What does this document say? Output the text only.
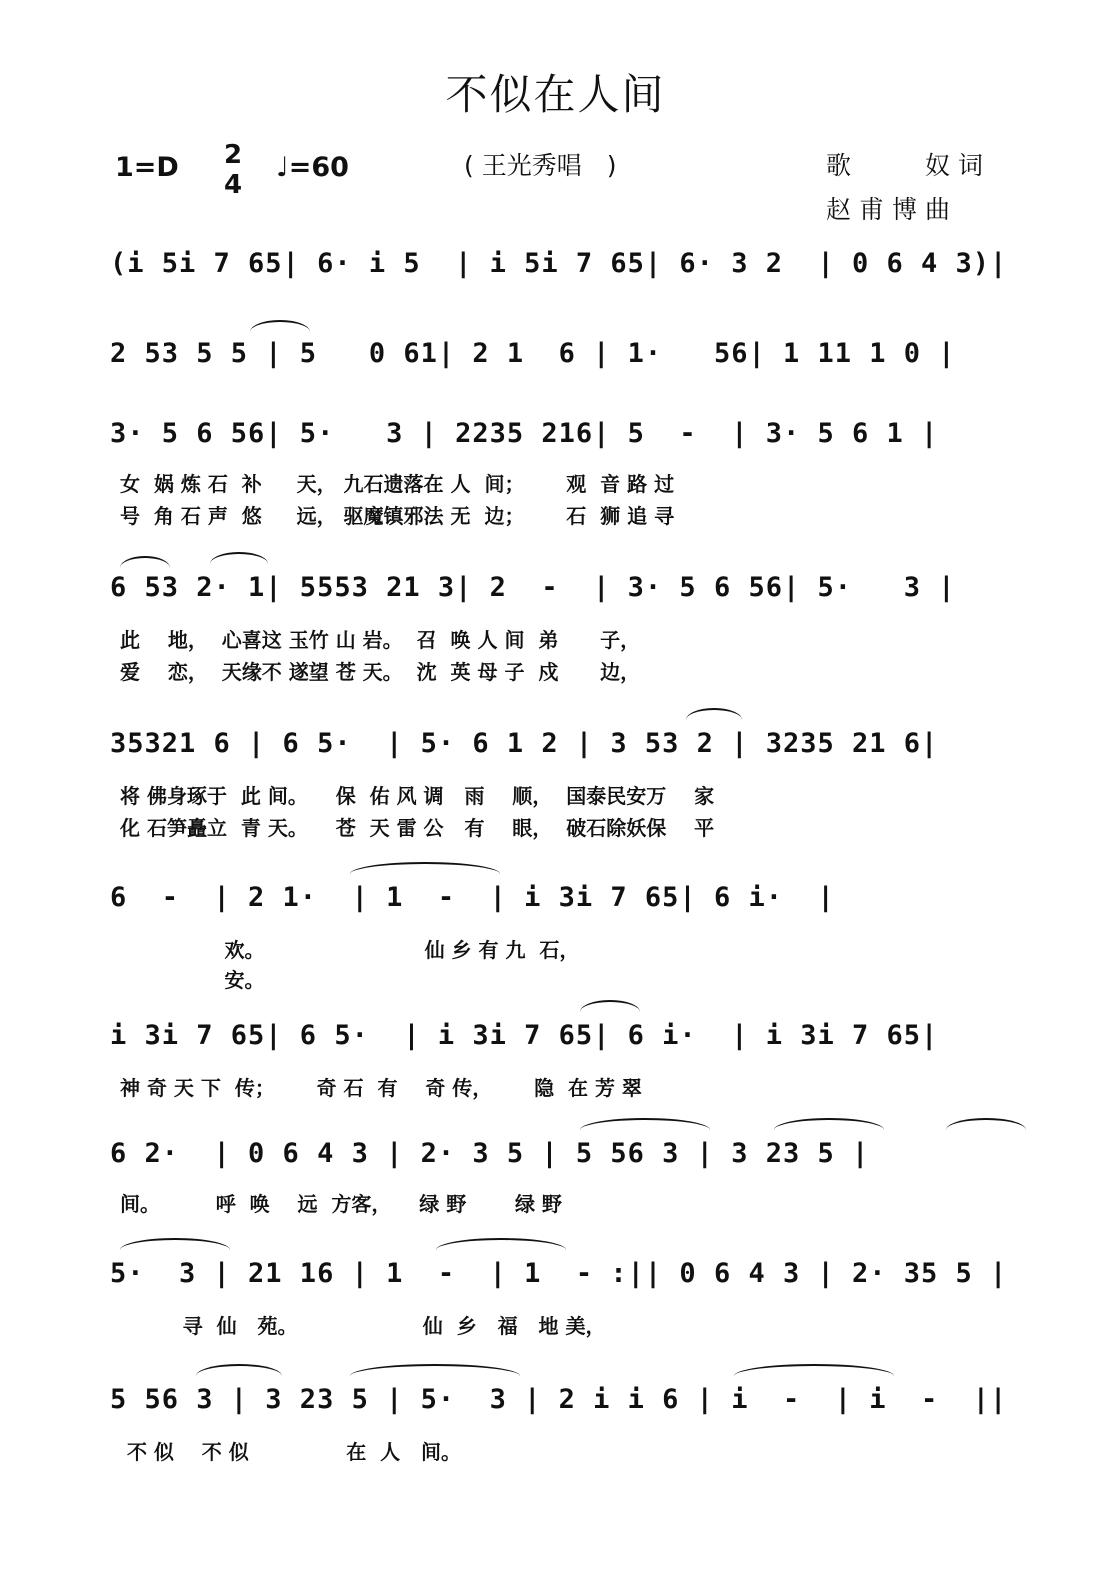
不似在人间
1=D 2
4
♩=60	( 王光秀唱　)	歌　　奴词
赵甫博曲
(i 5i 7 65| 6· i 5  | i 5i 7 65| 6· 3 2  | 0 6 4 3)|
2 53 5 5 | 5   0 61| 2 1  6 | 1·   56| 1 11 1 0 |
3· 5 6 56| 5·   3 | 2235 216| 5  -  | 3· 5 6 1 |
女  娲 炼 石  补     天， 九石遗落在 人  间；      观  音 路 过
号  角 石 声  悠     远， 驱魔镇邪法 无  边；      石  狮 追 寻
6 53 2· 1| 5553 21 3| 2  -  | 3· 5 6 56| 5·   3 |
此    地，  心喜这 玉竹 山 岩。  召  唤 人 间  弟      子，
爱    恋，  天缘不 遂望 苍 天。  沈  英 母 子  戍      边，
35321 6 | 6 5·  | 5· 6 1 2 | 3 53 2 | 3235 21 6|
将 佛身琢于  此 间。    保  佑 风 调   雨    顺，  国泰民安万    家
化 石笋矗立  青 天。    苍  天 雷 公   有    眼，  破石除妖保    平
6  -  | 2 1·  | 1  -  | i 3i 7 65| 6 i·  |
欢。                       仙 乡 有 九  石，
安。
i 3i 7 65| 6 5·  | i 3i 7 65| 6 i·  | i 3i 7 65|
神 奇 天 下  传；      奇 石  有    奇 传，      隐  在 芳 翠
6 2·  | 0 6 4 3 | 2· 3 5 | 5 56 3 | 3 23 5 |
间。        呼  唤    远  方客，    绿 野       绿 野
5·  3 | 21 16 | 1  -  | 1  - :|| 0 6 4 3 | 2· 35 5 |
寻  仙   苑。                  仙  乡   福   地 美，
5 56 3 | 3 23 5 | 5·  3 | 2 i i 6 | i  -  | i  -  ||
不 似    不 似              在  人   间。
